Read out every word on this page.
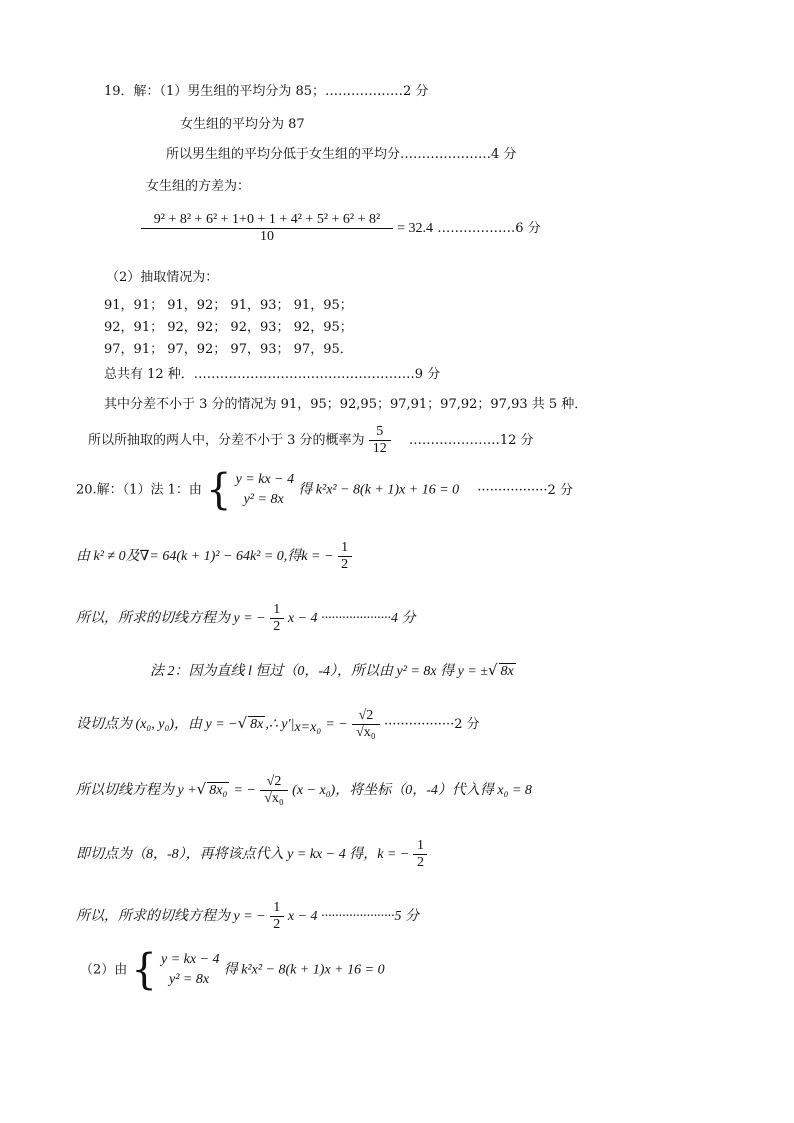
19．解：（1）男生组的平均分为 85；………………2 分
女生组的平均分为 87
所以男生组的平均分低于女生组的平均分…………………4 分
女生组的方差为：
$\frac{\text{9² + 8² + 6² + 1+0 + 1 + 4² + 5² + 6² + 8²}}{10} = 32.4$ ………………6 分
（2）抽取情况为：
91，91； 91，92； 91，93； 91，95；
92，91； 92，92； 92，93； 92，95；
97，91； 97，92； 97，93； 97，95．
总共有 12 种．……………………………………………9 分
其中分差不小于 3 分的情况为 91，95；92,95；97,91；97,92；97,93 共 5 种．
所以所抽取的两人中，分差不小于 3 分的概率为 $\frac{5}{12}$ …………………12 分
20.解：（1）法 1：由 { y = kx − 4
y² = 8x
得 k²x² − 8(k + 1)x + 16 = 0 ·················2 分
由 k² ≠ 0及∇= 64(k + 1)² − 64k² = 0,得k = − $\frac{1}{2}$
所以，所求的切线方程为 y = − $\frac{1}{2}$ x − 4 ····················4 分
法 2：因为直线 l 恒过（0，-4），所以由 y² = 8x 得 y = ±√ 8x
设切点为 (x₀, y₀)，由 y = −√ 8x ,∴ $y'|_{x=x_0}$ = − $\frac{√2}{\text{√x₀}} \cdot\cdot\cdot\cdot\cdot\cdot\cdot\cdot\cdot\cdot\cdot\cdot\cdot\cdot\cdot\cdot\cdot 2$ 分
所以切线方程为 y +√ 8x₀ = − $\frac{√2}{\text{√x₀}} (x - x_0)$，将坐标（0，-4）代入得 x₀ = 8
即切点为（8，-8），再将该点代入 y = kx − 4 得，k = − $\frac{1}{2}$
所以，所求的切线方程为 y = − $\frac{1}{2}$ x − 4 ·····················5 分
（2）由 { y = kx − 4
y² = 8x
得 k²x² − 8(k + 1)x + 16 = 0
